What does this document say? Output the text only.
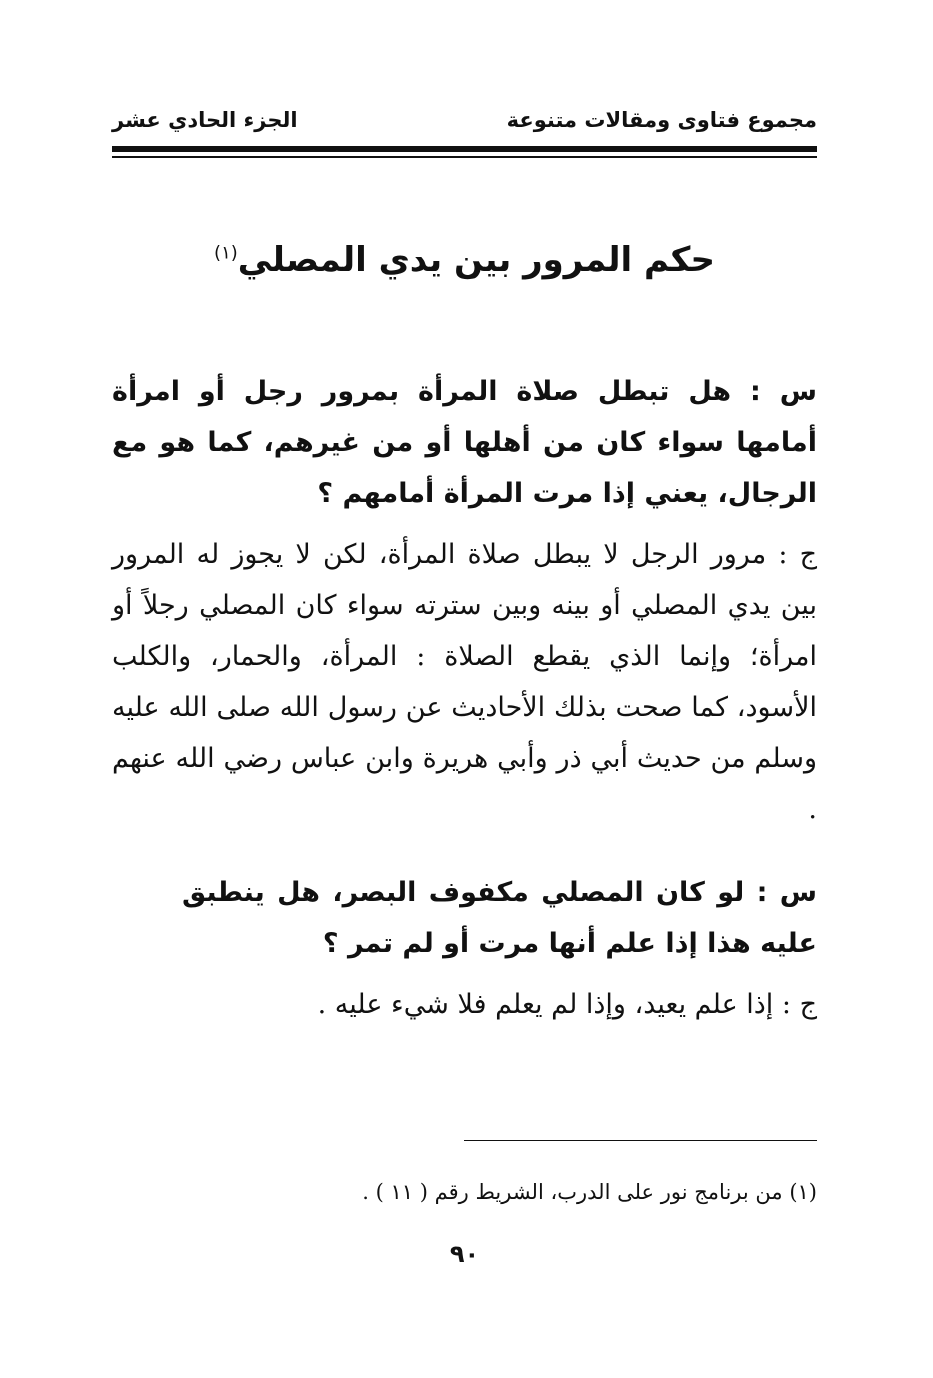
مجموع فتاوى ومقالات متنوعة
الجزء الحادي عشر
حكم المرور بين يدي المصلي$^{(١)}$

س : هل تبطل صلاة المرأة بمرور رجل أو امرأة أمامها سواء كان من أهلها أو من غيرهم، كما هو مع الرجال، يعني إذا مرت المرأة أمامهم ؟

ج : مرور الرجل لا يبطل صلاة المرأة، لكن لا يجوز له المرور بين يدي المصلي أو بينه وبين سترته سواء كان المصلي رجلاً أو امرأة؛ وإنما الذي يقطع الصلاة : المرأة، والحمار، والكلب الأسود، كما صحت بذلك الأحاديث عن رسول الله صلى الله عليه وسلم من حديث أبي ذر وأبي هريرة وابن عباس رضي الله عنهم .

س : لو كان المصلي مكفوف البصر، هل ينطبق عليه هذا إذا علم أنها مرت أو لم تمر ؟

ج : إذا علم يعيد، وإذا لم يعلم فلا شيء عليه .

(١) من برنامج نور على الدرب، الشريط رقم ( ١١ ) .
٩٠
